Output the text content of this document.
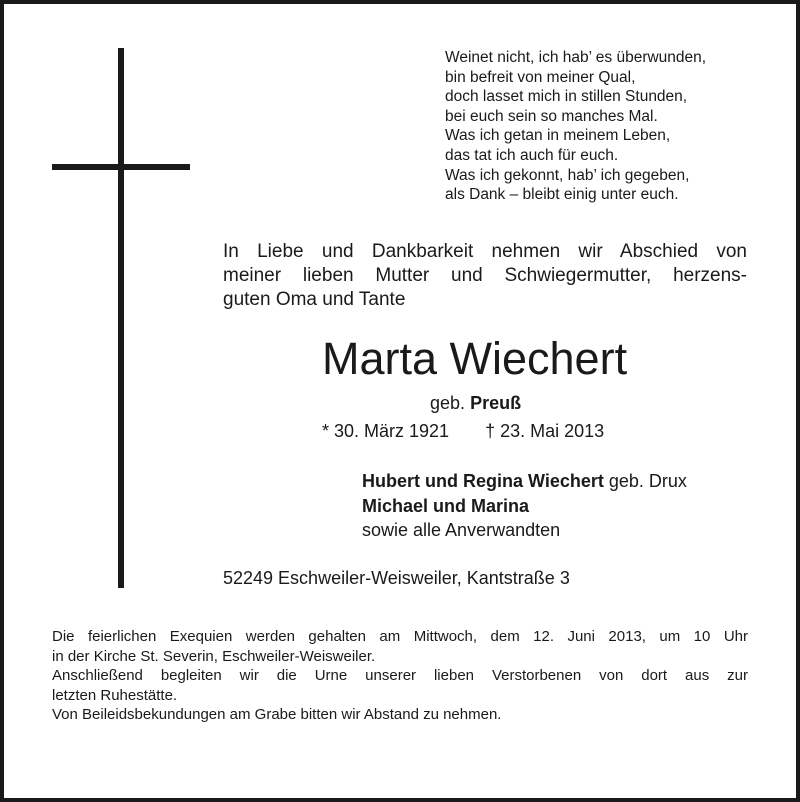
Weinet nicht, ich hab’ es überwunden,
bin befreit von meiner Qual,
doch lasset mich in stillen Stunden,
bei euch sein so manches Mal.
Was ich getan in meinem Leben,
das tat ich auch für euch.
Was ich gekonnt, hab’ ich gegeben,
als Dank – bleibt einig unter euch.
In Liebe und Dankbarkeit nehmen wir Abschied von
meiner lieben Mutter und Schwiegermutter, herzens-
guten Oma und Tante
Marta Wiechert
geb. Preuß
* 30. März 1921 † 23. Mai 2013
Hubert und Regina Wiechert geb. Drux
Michael und Marina
sowie alle Anverwandten
52249 Eschweiler-Weisweiler, Kantstraße 3
Die feierlichen Exequien werden gehalten am Mittwoch, dem 12. Juni 2013, um 10 Uhr
in der Kirche St. Severin, Eschweiler-Weisweiler.
Anschließend begleiten wir die Urne unserer lieben Verstorbenen von dort aus zur
letzten Ruhestätte.
Von Beileidsbekundungen am Grabe bitten wir Abstand zu nehmen.
